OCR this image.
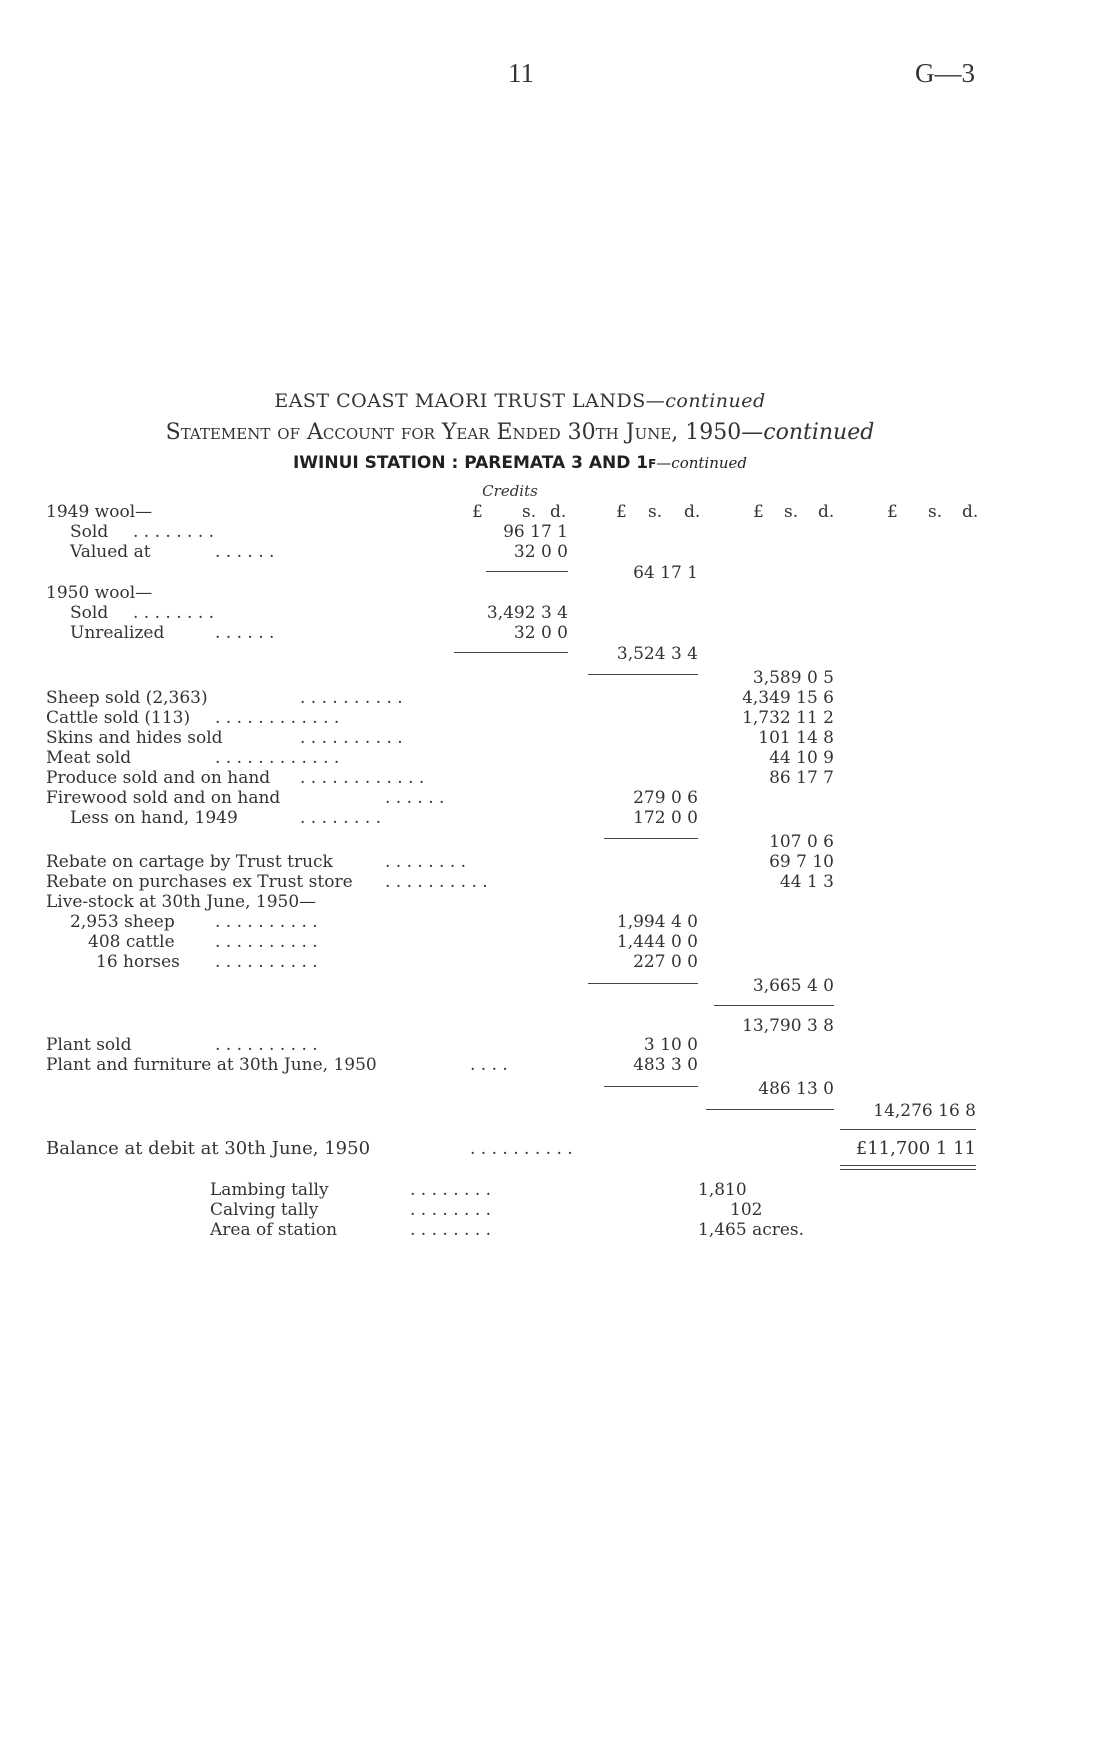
11	G—3
EAST COAST MAORI TRUST LANDS—continued
Statement of Account for Year Ended 30th June, 1950—continued
IWINUI STATION : PAREMATA 3 AND 1F—continued
Credits
£ s. d.	£ s. d.	£ s. d.	£ s. d.
1949 wool—
Sold . . . . . . . .	96 17 1
Valued at	. . . . . .	32 0 0
64 17 1
1950 wool—
Sold . . . . . . . .	3,492 3 4
Unrealized	. . . . . .	32 0 0
3,524 3 4
3,589 0 5
Sheep sold (2,363)	. . . . . . . . . .	4,349 15 6
Cattle sold (113) . . . . . . . . . . . .	1,732 11 2
Skins and hides sold	. . . . . . . . . .	101 14 8
Meat sold	. . . . . . . . . . . .	44 10 9
Produce sold and on hand . . . . . . . . . . . .	86 17 7
Firewood sold and on hand	. . . . . .	279 0 6
Less on hand, 1949	. . . . . . . .	172 0 0
107 0 6
Rebate on cartage by Trust truck	. . . . . . . .	69 7 10
Rebate on purchases ex Trust store . . . . . . . . . .	44 1 3
Live-stock at 30th June, 1950—
2,953 sheep . . . . . . . . . .	1,994 4 0
408 cattle . . . . . . . . . .	1,444 0 0
16 horses . . . . . . . . . .	227 0 0
3,665 4 0
13,790 3 8
Plant sold	. . . . . . . . . .	3 10 0
Plant and furniture at 30th June, 1950	. . . .	483 3 0
486 13 0
14,276 16 8
Balance at debit at 30th June, 1950	. . . . . . . . . .	£11,700 1 11
Lambing tally	. . . . . . . .	1,810
Calving tally	. . . . . . . .	102
Area of station	. . . . . . . .	1,465 acres.
